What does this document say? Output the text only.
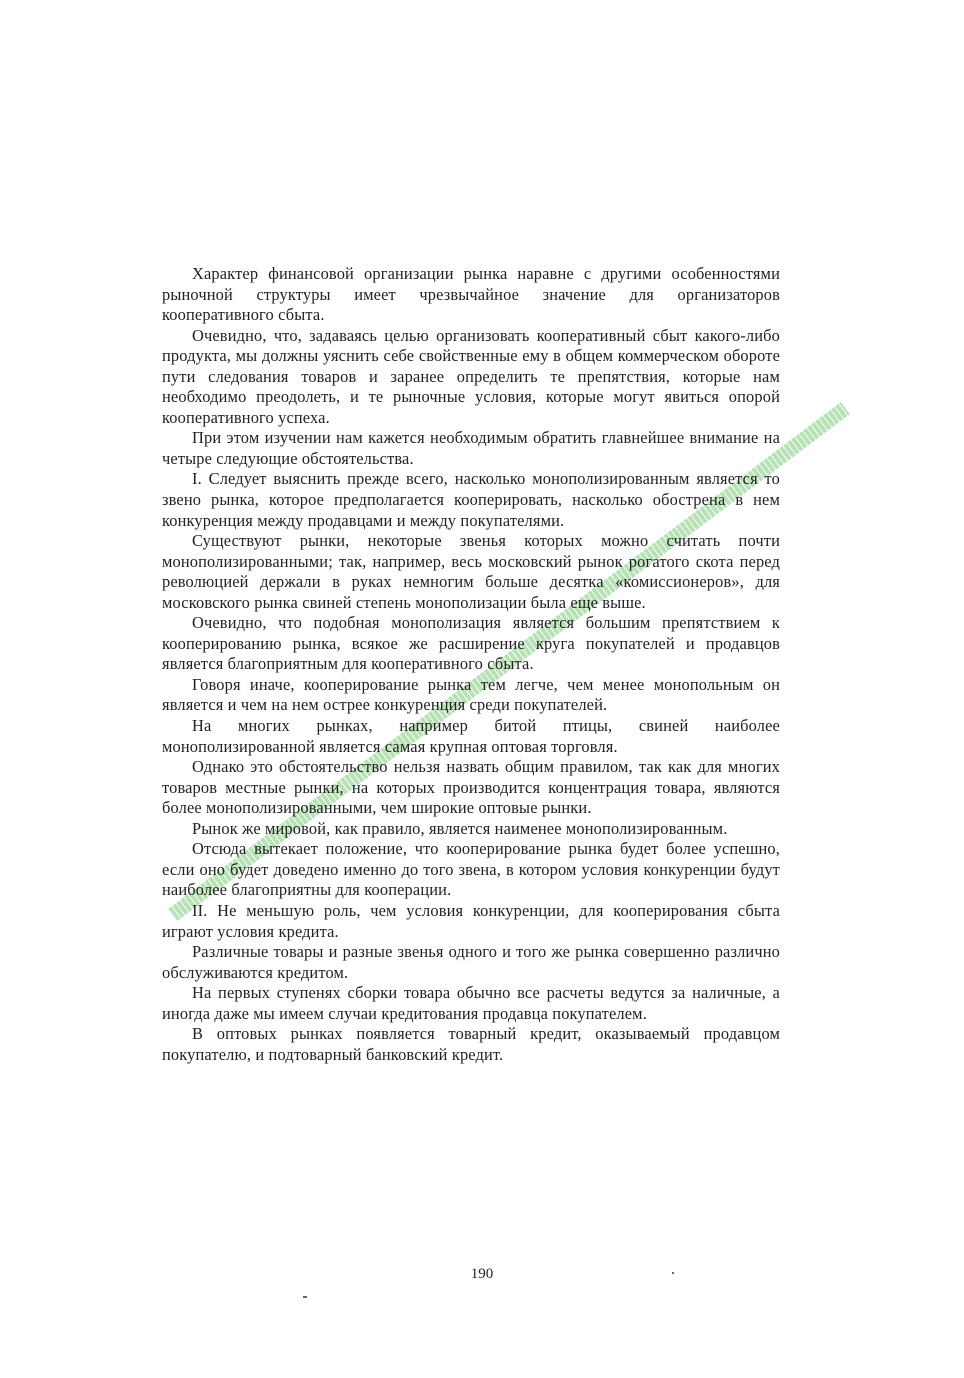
Характер финансовой организации рынка наравне с другими особенностями рыночной структуры имеет чрезвычайное значение для организаторов кооперативного сбыта.

Очевидно, что, задаваясь целью организовать кооперативный сбыт какого-либо продукта, мы должны уяснить себе свойственные ему в общем коммерческом обороте пути следования товаров и заранее определить те препятствия, которые нам необходимо преодолеть, и те рыночные условия, которые могут явиться опорой кооперативного успеха.

При этом изучении нам кажется необходимым обратить главнейшее внимание на четыре следующие обстоятельства.

I. Следует выяснить прежде всего, насколько монополизированным является то звено рынка, которое предполагается кооперировать, насколько обострена в нем конкуренция между продавцами и между покупателями.

Существуют рынки, некоторые звенья которых можно считать почти монополизированными; так, например, весь московский рынок рогатого скота перед революцией держали в руках немногим больше десятка «комиссионеров», для московского рынка свиней степень монополизации была еще выше.

Очевидно, что подобная монополизация является большим препятствием к кооперированию рынка, всякое же расширение круга покупателей и продавцов является благоприятным для кооперативного сбыта.

Говоря иначе, кооперирование рынка тем легче, чем менее монопольным он является и чем на нем острее конкуренция среди покупателей.

На многих рынках, например битой птицы, свиней наиболее монополизированной является самая крупная оптовая торговля.

Однако это обстоятельство нельзя назвать общим правилом, так как для многих товаров местные рынки, на которых производится концентрация товара, являются более монополизированными, чем широкие оптовые рынки.

Рынок же мировой, как правило, является наименее монополизированным.

Отсюда вытекает положение, что кооперирование рынка будет более успешно, если оно будет доведено именно до того звена, в котором условия конкуренции будут наиболее благоприятны для кооперации.

II. Не меньшую роль, чем условия конкуренции, для кооперирования сбыта играют условия кредита.

Различные товары и разные звенья одного и того же рынка совершенно различно обслуживаются кредитом.

На первых ступенях сборки товара обычно все расчеты ведутся за наличные, а иногда даже мы имеем случаи кредитования продавца покупателем.

В оптовых рынках появляется товарный кредит, оказываемый продавцом покупателю, и подтоварный банковский кредит.

190
